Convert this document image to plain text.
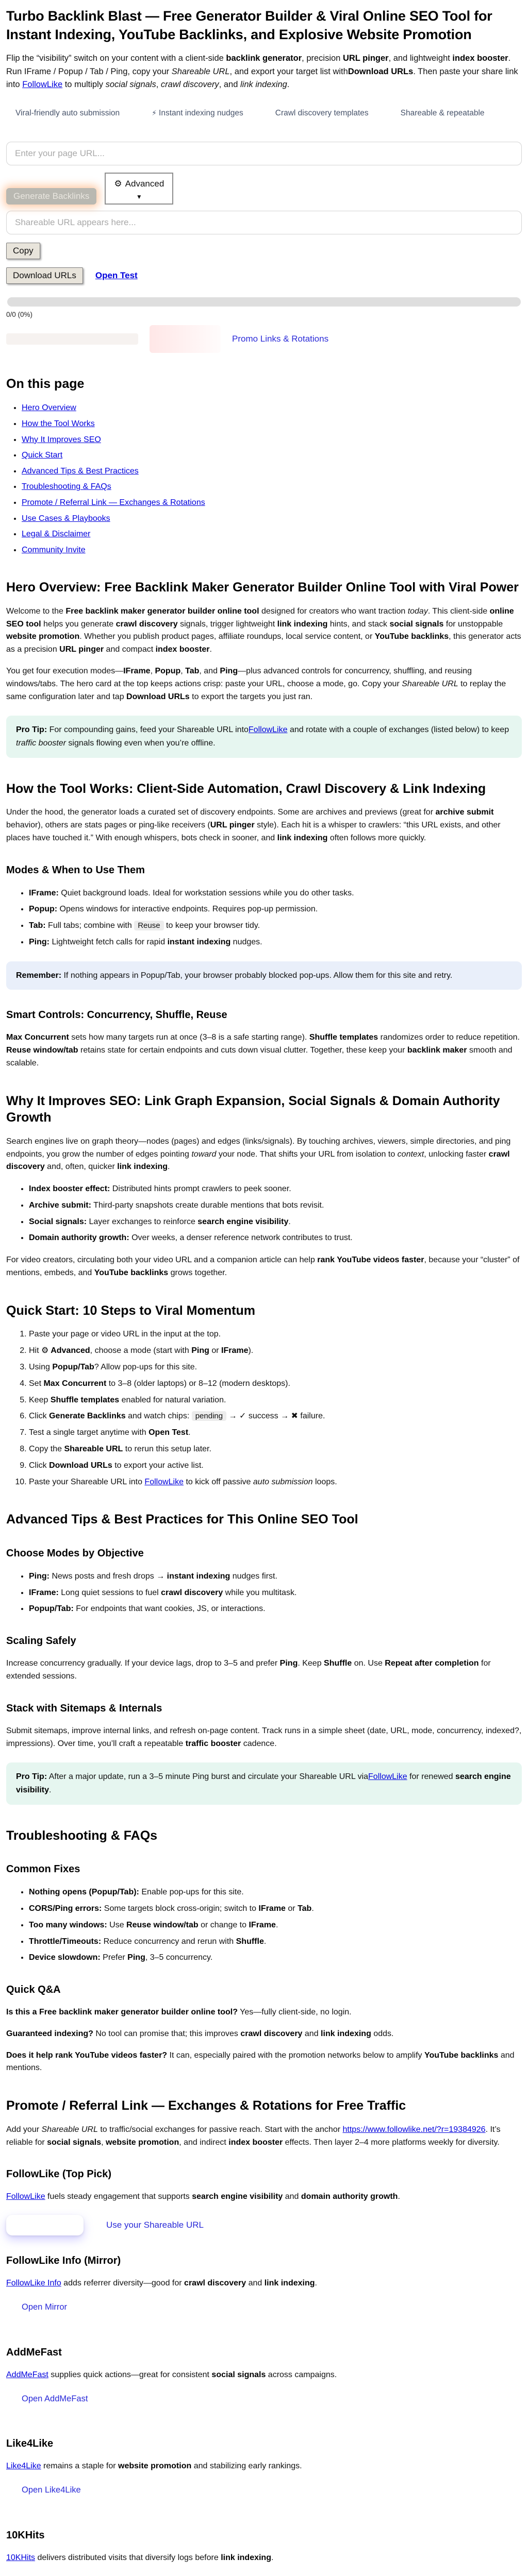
Turbo Backlink Blast — Free Generator Builder & Viral Online SEO Tool for Instant Indexing, YouTube Backlinks, and Explosive Website Promotion

Flip the “visibility” switch on your content with a client-side backlink generator, precision URL pinger, and lightweight index booster. Run IFrame / Popup / Tab / Ping, copy your Shareable URL, and export your target list withDownload URLs. Then paste your share link into FollowLike to multiply social signals, crawl discovery, and link indexing.

Viral-friendly auto submission	⚡ Instant indexing nudges	Crawl discovery templates	Shareable & repeatable
Enter your page URL...
Generate Backlinks
⚙ Advanced
▼
Shareable URL appears here...
Copy
Download URLs	Open Test
0/0 (0%)
Promo Links & Rotations
On this page
• Hero Overview
• How the Tool Works
• Why It Improves SEO
• Quick Start
• Advanced Tips & Best Practices
• Troubleshooting & FAQs
• Promote / Referral Link — Exchanges & Rotations
• Use Cases & Playbooks
• Legal & Disclaimer
• Community Invite
Hero Overview: Free Backlink Maker Generator Builder Online Tool with Viral Power

Welcome to the Free backlink maker generator builder online tool designed for creators who want traction today. This client-side online SEO tool helps you generate crawl discovery signals, trigger lightweight link indexing hints, and stack social signals for unstoppable website promotion. Whether you publish product pages, affiliate roundups, local service content, or YouTube backlinks, this generator acts as a precision URL pinger and compact index booster.

You get four execution modes—IFrame, Popup, Tab, and Ping—plus advanced controls for concurrency, shuffling, and reusing windows/tabs. The hero card at the top keeps actions crisp: paste your URL, choose a mode, go. Copy your Shareable URL to replay the same configuration later and tap Download URLs to export the targets you just ran.

Pro Tip: For compounding gains, feed your Shareable URL intoFollowLike and rotate with a couple of exchanges (listed below) to keep traffic booster signals flowing even when you’re offline.
How the Tool Works: Client-Side Automation, Crawl Discovery & Link Indexing

Under the hood, the generator loads a curated set of discovery endpoints. Some are archives and previews (great for archive submit behavior), others are stats pages or ping-like receivers (URL pinger style). Each hit is a whisper to crawlers: “this URL exists, and other places have touched it.” With enough whispers, bots check in sooner, and link indexing often follows more quickly.

Modes & When to Use Them
• IFrame: Quiet background loads. Ideal for workstation sessions while you do other tasks.
• Popup: Opens windows for interactive endpoints. Requires pop-up permission.
• Tab: Full tabs; combine with Reuse to keep your browser tidy.
• Ping: Lightweight fetch calls for rapid instant indexing nudges.
Remember: If nothing appears in Popup/Tab, your browser probably blocked pop-ups. Allow them for this site and retry.
Smart Controls: Concurrency, Shuffle, Reuse

Max Concurrent sets how many targets run at once (3–8 is a safe starting range). Shuffle templates randomizes order to reduce repetition. Reuse window/tab retains state for certain endpoints and cuts down visual clutter. Together, these keep your backlink maker smooth and scalable.

Why It Improves SEO: Link Graph Expansion, Social Signals & Domain Authority Growth

Search engines live on graph theory—nodes (pages) and edges (links/signals). By touching archives, viewers, simple directories, and ping endpoints, you grow the number of edges pointing toward your node. That shifts your URL from isolation to context, unlocking faster crawl discovery and, often, quicker link indexing.

• Index booster effect: Distributed hints prompt crawlers to peek sooner.
• Archive submit: Third-party snapshots create durable mentions that bots revisit.
• Social signals: Layer exchanges to reinforce search engine visibility.
• Domain authority growth: Over weeks, a denser reference network contributes to trust.

For video creators, circulating both your video URL and a companion article can help rank YouTube videos faster, because your “cluster” of mentions, embeds, and YouTube backlinks grows together.

Quick Start: 10 Steps to Viral Momentum
1. Paste your page or video URL in the input at the top.
2. Hit ⚙ Advanced, choose a mode (start with Ping or IFrame).
3. Using Popup/Tab? Allow pop-ups for this site.
4. Set Max Concurrent to 3–8 (older laptops) or 8–12 (modern desktops).
5. Keep Shuffle templates enabled for natural variation.
6. Click Generate Backlinks and watch chips: pending → ✓ success → ✖ failure.
7. Test a single target anytime with Open Test.
8. Copy the Shareable URL to rerun this setup later.
9. Click Download URLs to export your active list.
10. Paste your Shareable URL into FollowLike to kick off passive auto submission loops.
Advanced Tips & Best Practices for This Online SEO Tool
Choose Modes by Objective
• Ping: News posts and fresh drops → instant indexing nudges first.
• IFrame: Long quiet sessions to fuel crawl discovery while you multitask.
• Popup/Tab: For endpoints that want cookies, JS, or interactions.
Scaling Safely

Increase concurrency gradually. If your device lags, drop to 3–5 and prefer Ping. Keep Shuffle on. Use Repeat after completion for extended sessions.

Stack with Sitemaps & Internals

Submit sitemaps, improve internal links, and refresh on-page content. Track runs in a simple sheet (date, URL, mode, concurrency, indexed?, impressions). Over time, you’ll craft a repeatable traffic booster cadence.

Pro Tip: After a major update, run a 3–5 minute Ping burst and circulate your Shareable URL viaFollowLike for renewed search engine visibility.
Troubleshooting & FAQs
Common Fixes
• Nothing opens (Popup/Tab): Enable pop-ups for this site.
• CORS/Ping errors: Some targets block cross-origin; switch to IFrame or Tab.
• Too many windows: Use Reuse window/tab or change to IFrame.
• Throttle/Timeouts: Reduce concurrency and rerun with Shuffle.
• Device slowdown: Prefer Ping, 3–5 concurrency.
Quick Q&A

Is this a Free backlink maker generator builder online tool? Yes—fully client-side, no login.

Guaranteed indexing? No tool can promise that; this improves crawl discovery and link indexing odds.

Does it help rank YouTube videos faster? It can, especially paired with the promotion networks below to amplify YouTube backlinks and mentions.

Promote / Referral Link — Exchanges & Rotations for Free Traffic

Add your Shareable URL to traffic/social exchanges for passive reach. Start with the anchor https://www.followlike.net/?r=19384926. It’s reliable for social signals, website promotion, and indirect index booster effects. Then layer 2–4 more platforms weekly for diversity.

FollowLike (Top Pick)

FollowLike fuels steady engagement that supports search engine visibility and domain authority growth.

Use your Shareable URL
FollowLike Info (Mirror)

FollowLike Info adds referrer diversity—good for crawl discovery and link indexing.

Open Mirror
AddMeFast

AddMeFast supplies quick actions—great for consistent social signals across campaigns.

Open AddMeFast
Like4Like

Like4Like remains a staple for website promotion and stabilizing early rankings.

Open Like4Like
10KHits

10KHits delivers distributed visits that diversify logs before link indexing.
